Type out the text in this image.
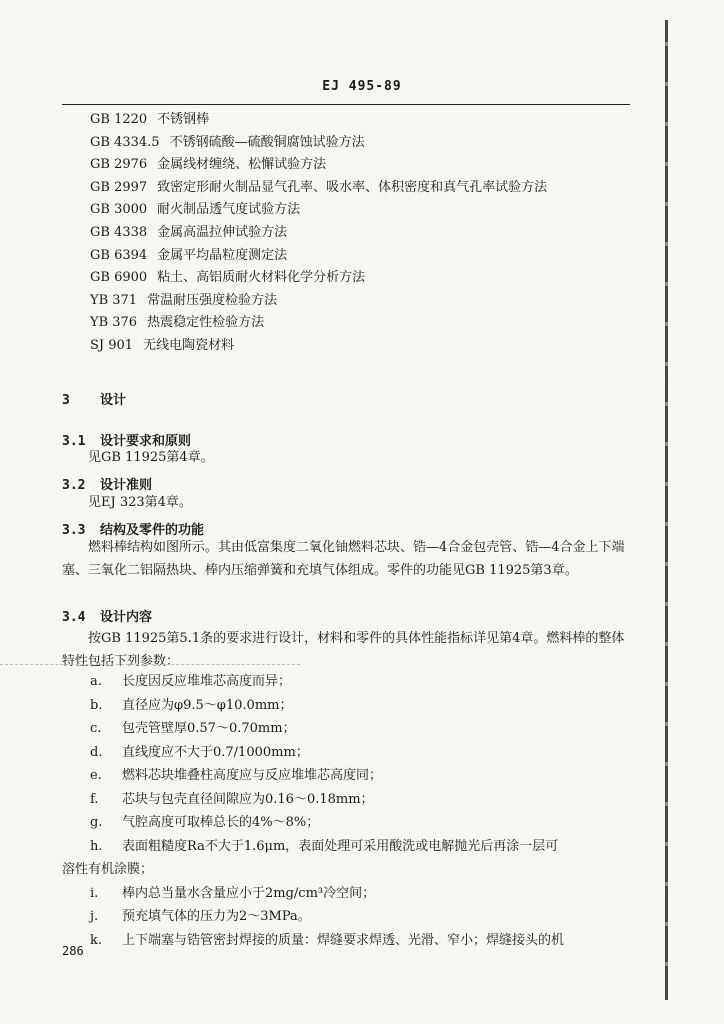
EJ 495-89
GB 1220 不锈钢棒
GB 4334.5 不锈钢硫酸—硫酸铜腐蚀试验方法
GB 2976 金属线材缠绕、松懈试验方法
GB 2997 致密定形耐火制品显气孔率、吸水率、体积密度和真气孔率试验方法
GB 3000 耐火制品透气度试验方法
GB 4338 金属高温拉伸试验方法
GB 6394 金属平均晶粒度测定法
GB 6900 粘土、高铝质耐火材料化学分析方法
YB 371 常温耐压强度检验方法
YB 376 热震稳定性检验方法
SJ 901 无线电陶瓷材料
3 设计
3.1 设计要求和原则
见GB 11925第4章。
3.2 设计准则
见EJ 323第4章。
3.3 结构及零件的功能
燃料棒结构如图所示。其由低富集度二氧化铀燃料芯块、锆—4合金包壳管、锆—4合金上下端塞、三氧化二铝隔热块、棒内压缩弹簧和充填气体组成。零件的功能见GB 11925第3章。
3.4 设计内容
按GB 11925第5.1条的要求进行设计，材料和零件的具体性能指标详见第4章。燃料棒的整体特性包括下列参数：
a. 长度因反应堆堆芯高度而异；
b. 直径应为φ9.5～φ10.0mm；
c. 包壳管壁厚0.57～0.70mm；
d. 直线度应不大于0.7/1000mm；
e. 燃料芯块堆叠柱高度应与反应堆堆芯高度同；
f. 芯块与包壳直径间隙应为0.16～0.18mm；
g. 气腔高度可取棒总长的4%～8%；
h. 表面粗糙度Ra不大于1.6μm，表面处理可采用酸洗或电解抛光后再涂一层可
溶性有机涂膜；
i. 棒内总当量水含量应小于2mg/cm³冷空间；
j. 预充填气体的压力为2～3MPa。
k. 上下端塞与锆管密封焊接的质量：焊缝要求焊透、光滑、窄小；焊缝接头的机
286
